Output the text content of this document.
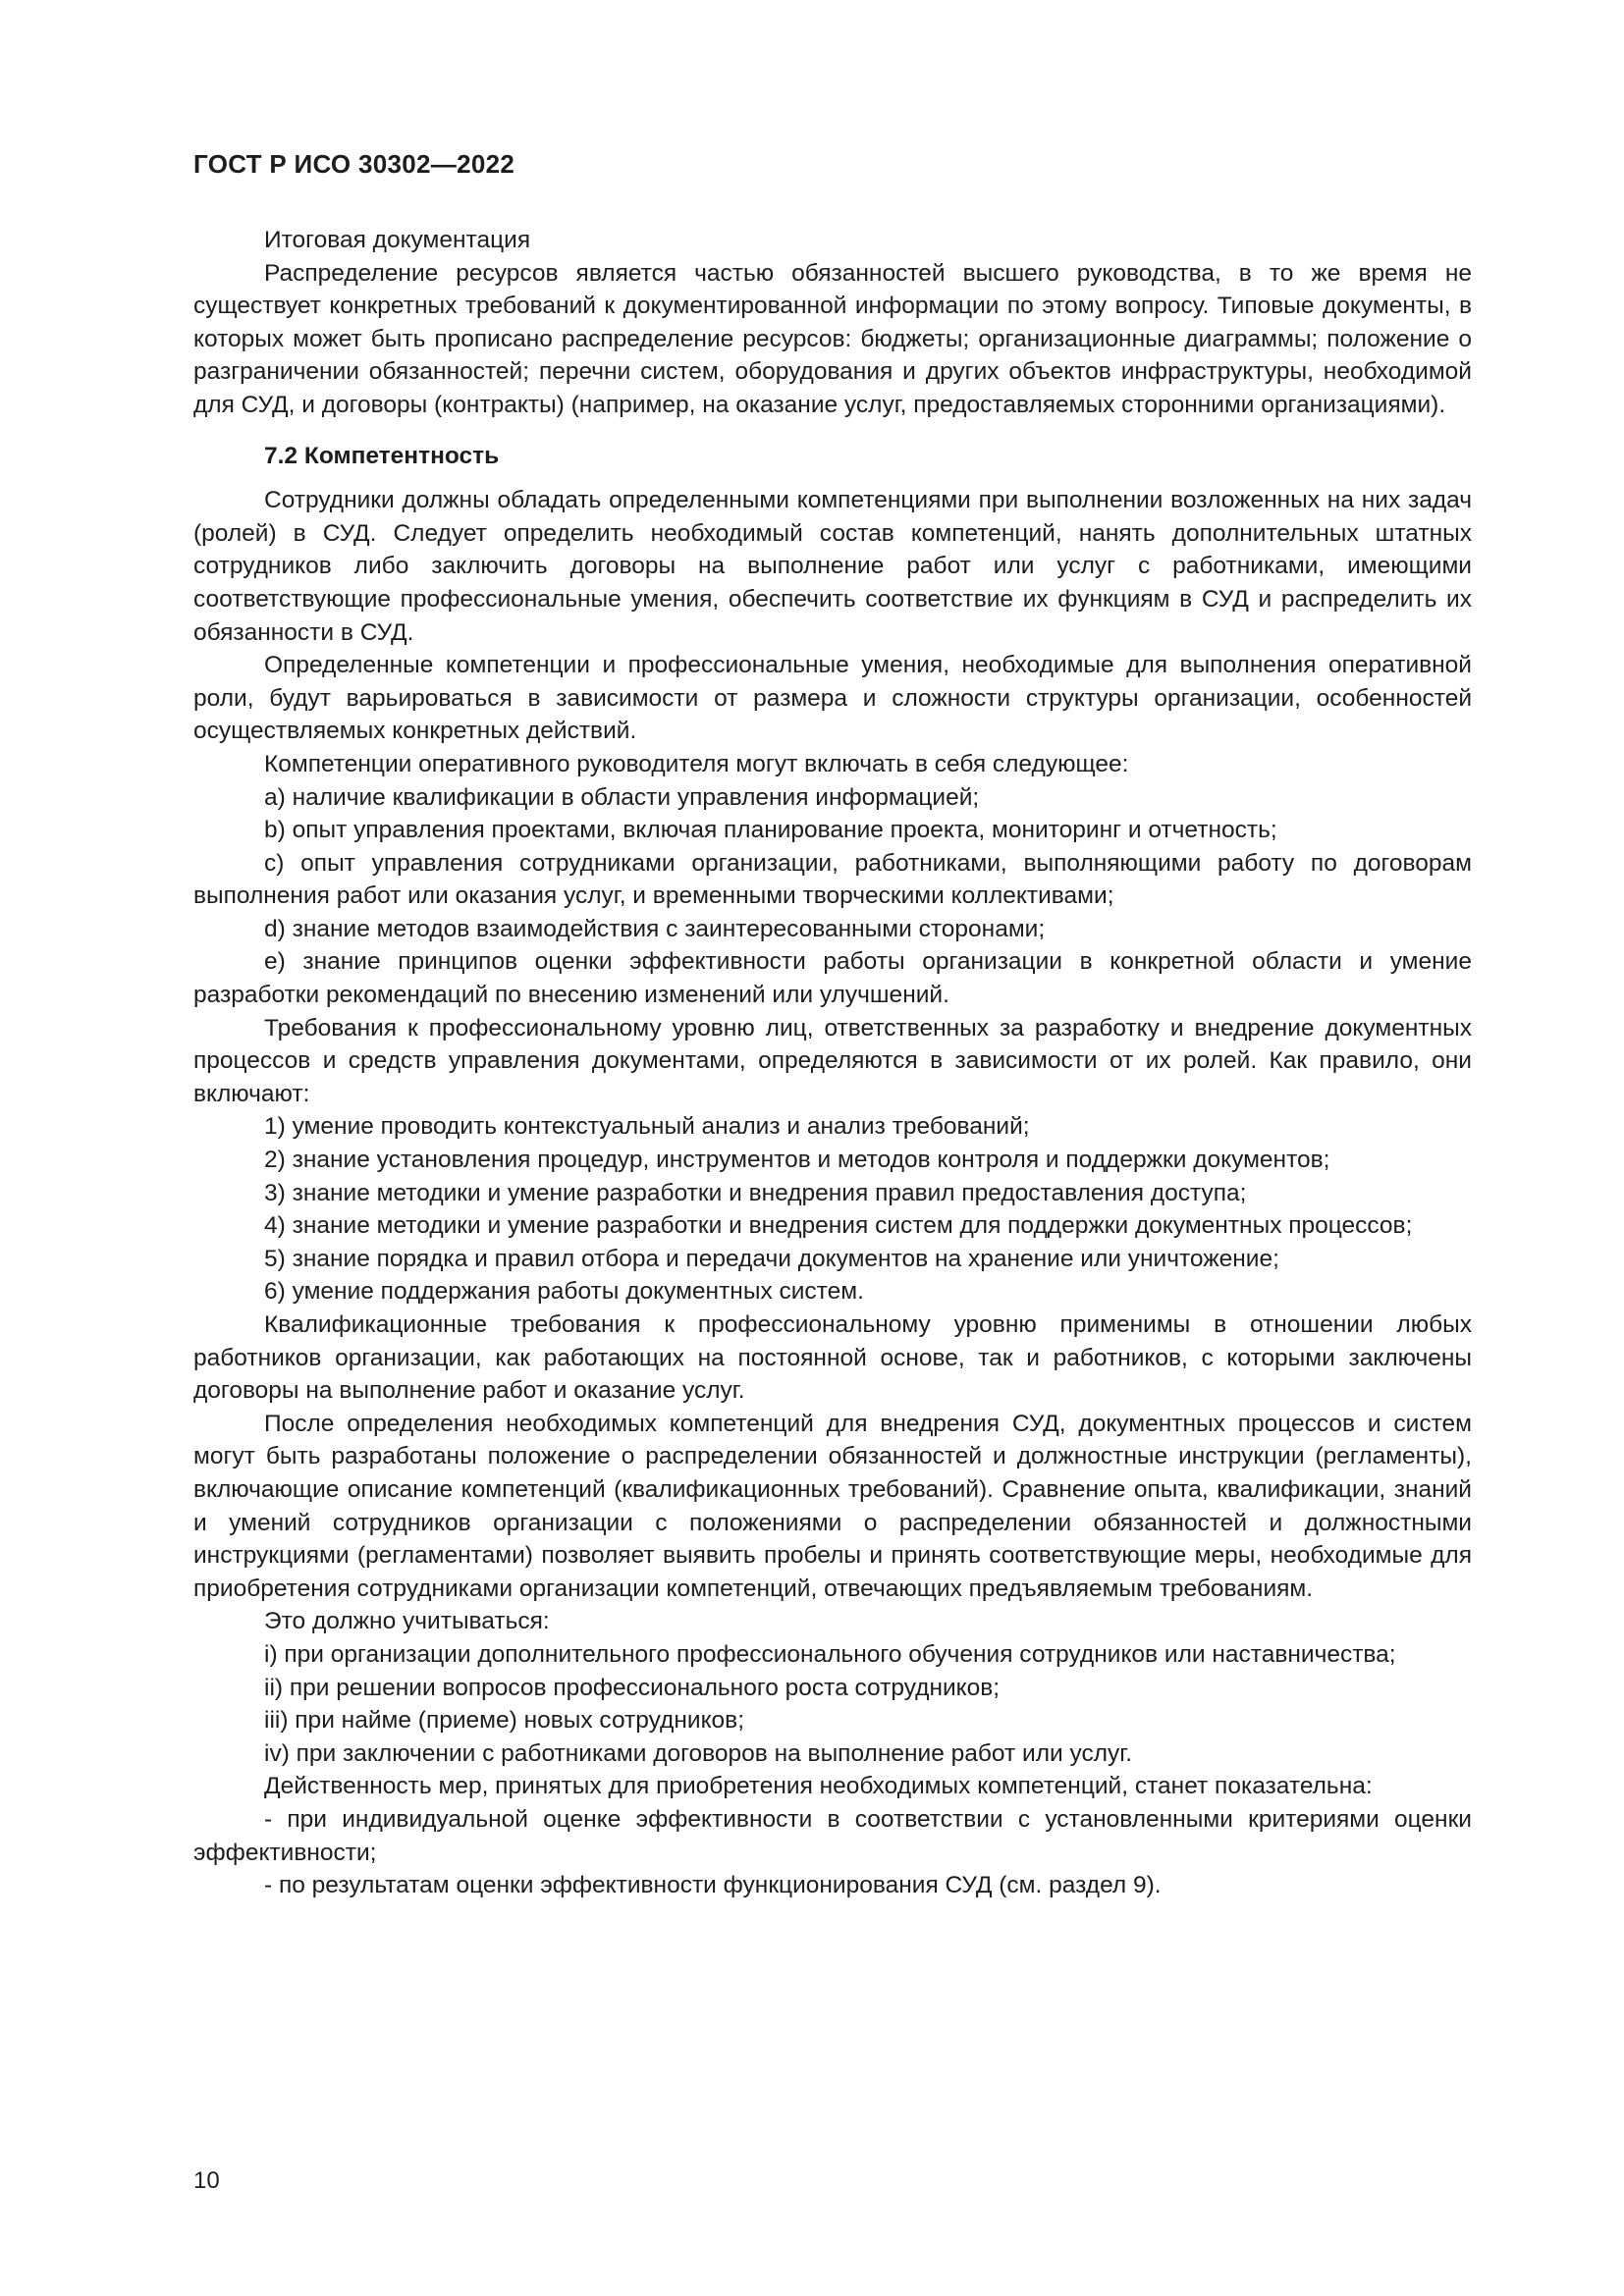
ГОСТ Р ИСО 30302—2022

Итоговая документация

Распределение ресурсов является частью обязанностей высшего руководства, в то же время не существует конкретных требований к документированной информации по этому вопросу. Типовые документы, в которых может быть прописано распределение ресурсов: бюджеты; организационные диаграммы; положение о разграничении обязанностей; перечни систем, оборудования и других объектов инфраструктуры, необходимой для СУД, и договоры (контракты) (например, на оказание услуг, предоставляемых сторонними организациями).

7.2 Компетентность

Сотрудники должны обладать определенными компетенциями при выполнении возложенных на них задач (ролей) в СУД. Следует определить необходимый состав компетенций, нанять дополнительных штатных сотрудников либо заключить договоры на выполнение работ или услуг с работниками, имеющими соответствующие профессиональные умения, обеспечить соответствие их функциям в СУД и распределить их обязанности в СУД.

Определенные компетенции и профессиональные умения, необходимые для выполнения оперативной роли, будут варьироваться в зависимости от размера и сложности структуры организации, особенностей осуществляемых конкретных действий.

Компетенции оперативного руководителя могут включать в себя следующее:

а) наличие квалификации в области управления информацией;

b) опыт управления проектами, включая планирование проекта, мониторинг и отчетность;

с) опыт управления сотрудниками организации, работниками, выполняющими работу по договорам выполнения работ или оказания услуг, и временными творческими коллективами;

d) знание методов взаимодействия с заинтересованными сторонами;

е) знание принципов оценки эффективности работы организации в конкретной области и умение разработки рекомендаций по внесению изменений или улучшений.

Требования к профессиональному уровню лиц, ответственных за разработку и внедрение документных процессов и средств управления документами, определяются в зависимости от их ролей. Как правило, они включают:

1) умение проводить контекстуальный анализ и анализ требований;

2) знание установления процедур, инструментов и методов контроля и поддержки документов;

3) знание методики и умение разработки и внедрения правил предоставления доступа;

4) знание методики и умение разработки и внедрения систем для поддержки документных процессов;

5) знание порядка и правил отбора и передачи документов на хранение или уничтожение;

6) умение поддержания работы документных систем.

Квалификационные требования к профессиональному уровню применимы в отношении любых работников организации, как работающих на постоянной основе, так и работников, с которыми заключены договоры на выполнение работ и оказание услуг.

После определения необходимых компетенций для внедрения СУД, документных процессов и систем могут быть разработаны положение о распределении обязанностей и должностные инструкции (регламенты), включающие описание компетенций (квалификационных требований). Сравнение опыта, квалификации, знаний и умений сотрудников организации с положениями о распределении обязанностей и должностными инструкциями (регламентами) позволяет выявить пробелы и принять соответствующие меры, необходимые для приобретения сотрудниками организации компетенций, отвечающих предъявляемым требованиям.

Это должно учитываться:

i) при организации дополнительного профессионального обучения сотрудников или наставничества;

ii) при решении вопросов профессионального роста сотрудников;

iii) при найме (приеме) новых сотрудников;

iv) при заключении с работниками договоров на выполнение работ или услуг.

Действенность мер, принятых для приобретения необходимых компетенций, станет показательна:

- при индивидуальной оценке эффективности в соответствии с установленными критериями оценки эффективности;

- по результатам оценки эффективности функционирования СУД (см. раздел 9).

10
